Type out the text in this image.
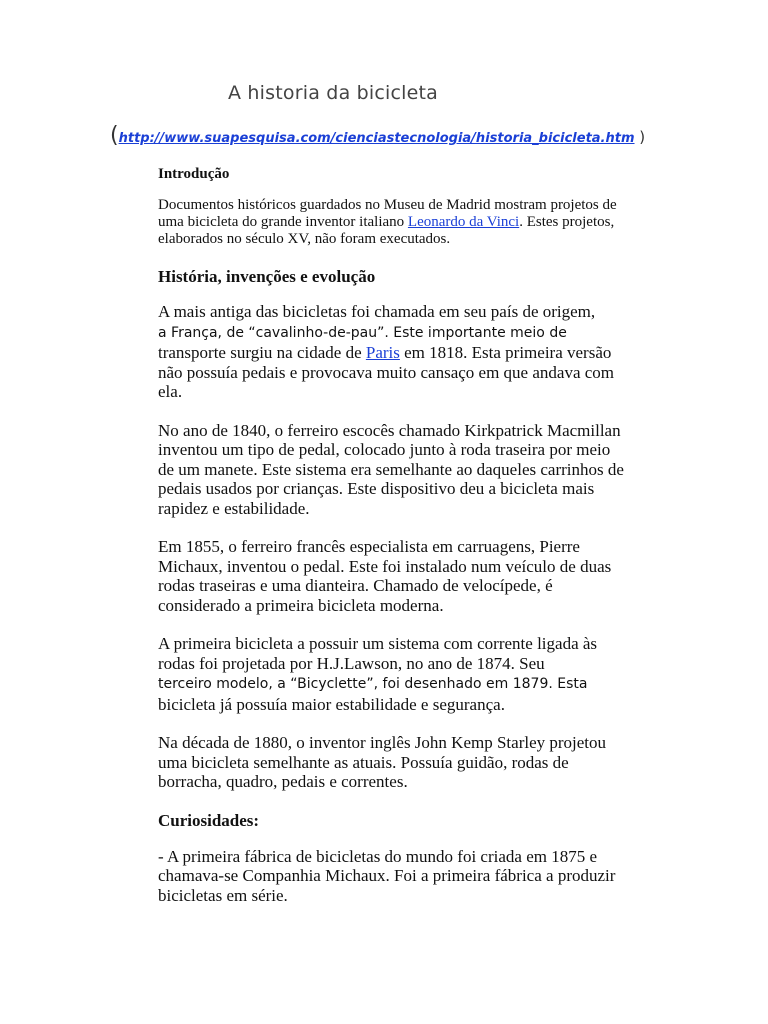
A historia da bicicleta
(http://www.suapesquisa.com/cienciastecnologia/historia_bicicleta.htm )

Introdução

Documentos históricos guardados no Museu de Madrid mostram projetos de uma bicicleta do grande inventor italiano Leonardo da Vinci. Estes projetos, elaborados no século XV, não foram executados.

História, invenções e evolução

A mais antiga das bicicletas foi chamada em seu país de origem,
a França, de “cavalinho-de-pau”. Este importante meio de
transporte surgiu na cidade de Paris em 1818. Esta primeira versão não possuía pedais e provocava muito cansaço em que andava com ela.

No ano de 1840, o ferreiro escocês chamado Kirkpatrick Macmillan inventou um tipo de pedal, colocado junto à roda traseira por meio de um manete. Este sistema era semelhante ao daqueles carrinhos de pedais usados por crianças. Este dispositivo deu a bicicleta mais rapidez e estabilidade.

Em 1855, o ferreiro francês especialista em carruagens, Pierre Michaux, inventou o pedal. Este foi instalado num veículo de duas rodas traseiras e uma dianteira. Chamado de velocípede, é considerado a primeira bicicleta moderna.

A primeira bicicleta a possuir um sistema com corrente ligada às rodas foi projetada por H.J.Lawson, no ano de 1874. Seu
terceiro modelo, a “Bicyclette”, foi desenhado em 1879. Esta
bicicleta já possuía maior estabilidade e segurança.

Na década de 1880, o inventor inglês John Kemp Starley projetou uma bicicleta semelhante as atuais. Possuía guidão, rodas de borracha, quadro, pedais e correntes.

Curiosidades:

- A primeira fábrica de bicicletas do mundo foi criada em 1875 e chamava-se Companhia Michaux. Foi a primeira fábrica a produzir bicicletas em série.
